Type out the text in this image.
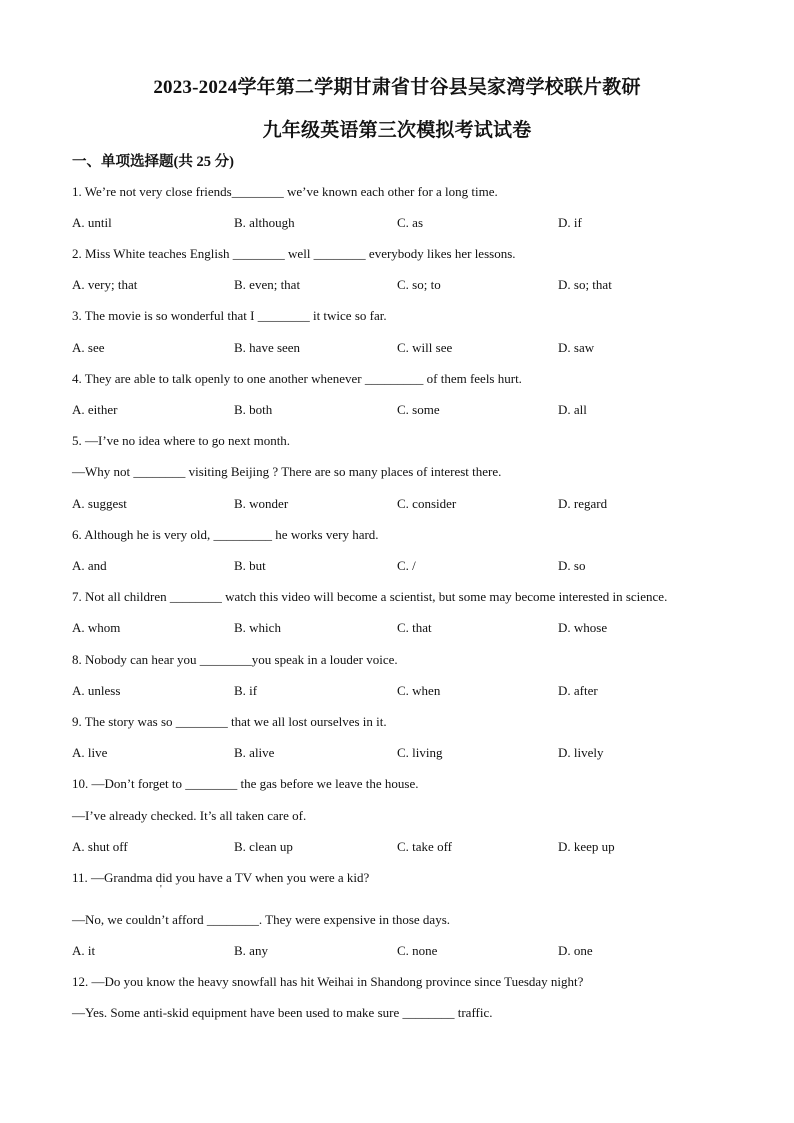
2023-2024学年第二学期甘肃省甘谷县吴家湾学校联片教研
九年级英语第三次模拟考试试卷
一、单项选择题(共 25 分)
1. We’re not very close friends________ we’ve known each other for a long time.
A. until	B. although	C. as	D. if
2. Miss White teaches English ________ well ________ everybody likes her lessons.
A. very; that	B. even; that	C. so; to	D. so; that
3. The movie is so wonderful that I ________ it twice so far.
A. see	B. have seen	C. will see	D. saw
4. They are able to talk openly to one another whenever _________ of them feels hurt.
A. either	B. both	C. some	D. all
5. —I’ve no idea where to go next month.
—Why not ________ visiting Beijing ? There are so many places of interest there.
A. suggest	B. wonder	C. consider	D. regard
6. Although he is very old, _________ he works very hard.
A. and	B. but	C. /	D. so
7. Not all children ________ watch this video will become a scientist, but some may become interested in science.
A. whom	B. which	C. that	D. whose
8. Nobody can hear you ________you speak in a louder voice.
A. unless	B. if	C. when	D. after
9. The story was so ________ that we all lost ourselves in it.
A. live	B. alive	C. living	D. lively
10. —Don’t forget to ________ the gas before we leave the house.
—I’ve already checked. It’s all taken care of.
A. shut off	B. clean up	C. take off	D. keep up
11. —Grandma did you have a TV when you were a kid?
'
—No, we couldn’t afford ________. They were expensive in those days.
A. it	B. any	C. none	D. one
12. —Do you know the heavy snowfall has hit Weihai in Shandong province since Tuesday night?
—Yes. Some anti-skid equipment have been used to make sure ________ traffic.
